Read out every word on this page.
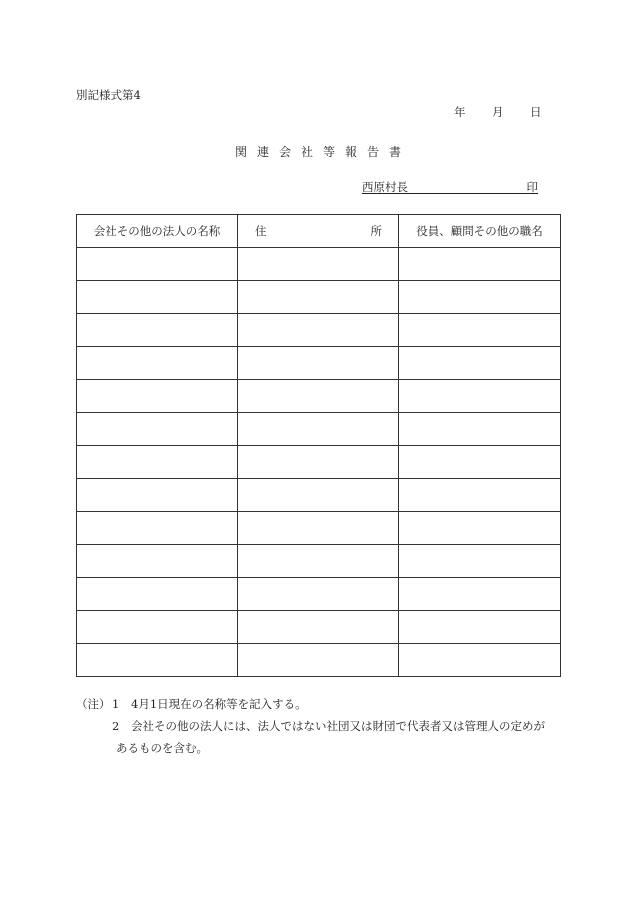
別記様式第4
年 月 日
関連会社等報告書
西原村長	印
会社その他の法人の名称	住 所	役員、顧問その他の職名

（注） 1 4月1日現在の名称等を記入する。
2 会社その他の法人には、法人ではない社団又は財団で代表者又は管理人の定めが
あるものを含む。
